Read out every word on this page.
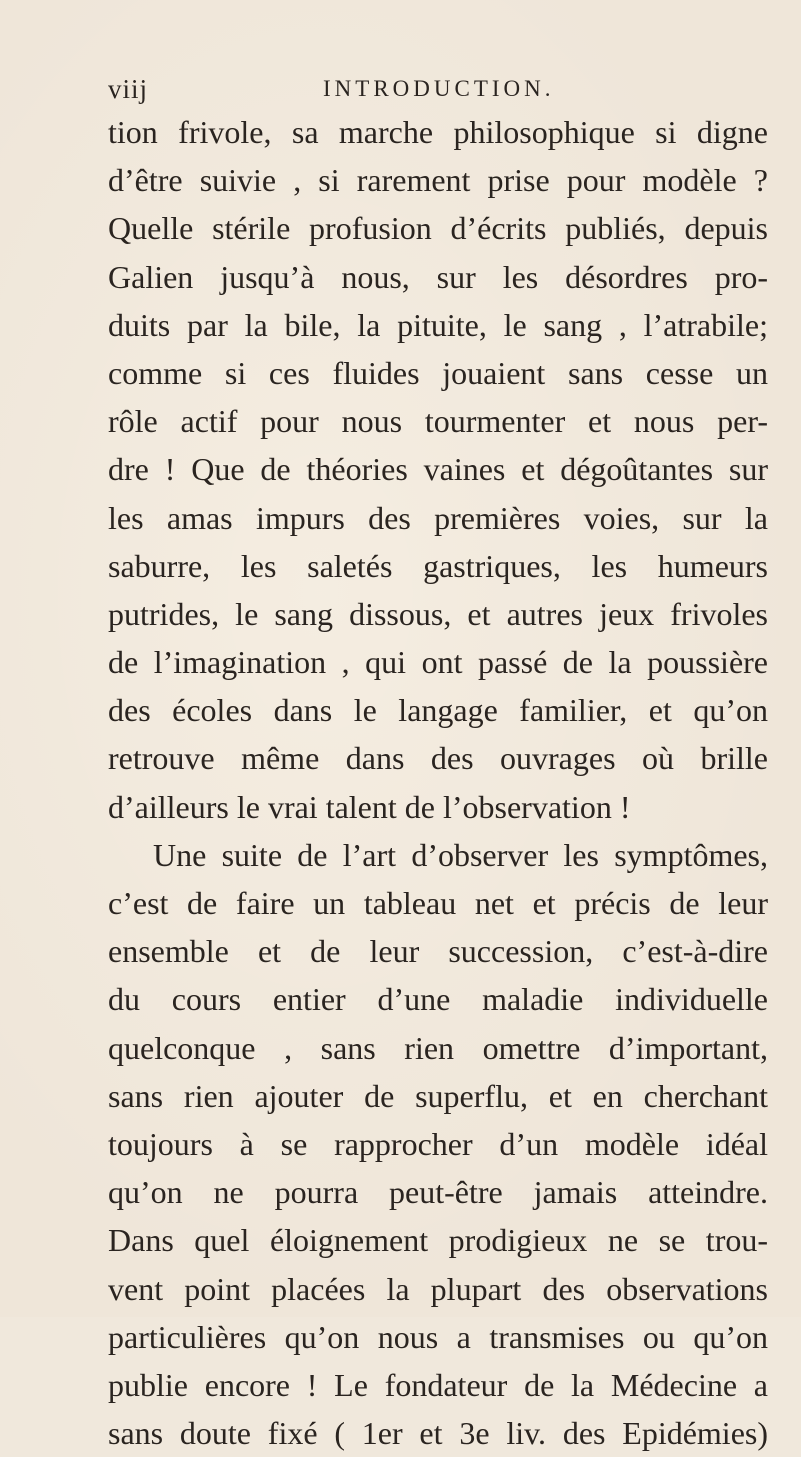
viij	INTRODUCTION.
tion frivole, sa marche philosophique si digne
d’être suivie , si rarement prise pour modèle ?
Quelle stérile profusion d’écrits publiés, depuis
Galien jusqu’à nous, sur les désordres pro-
duits par la bile, la pituite, le sang , l’atrabile;
comme si ces fluides jouaient sans cesse un
rôle actif pour nous tourmenter et nous per-
dre ! Que de théories vaines et dégoûtantes sur
les amas impurs des premières voies, sur la
saburre, les saletés gastriques, les humeurs
putrides, le sang dissous, et autres jeux frivoles
de l’imagination , qui ont passé de la poussière
des écoles dans le langage familier, et qu’on
retrouve même dans des ouvrages où brille
d’ailleurs le vrai talent de l’observation !
Une suite de l’art d’observer les symptômes,
c’est de faire un tableau net et précis de leur
ensemble et de leur succession, c’est-à-dire
du cours entier d’une maladie individuelle
quelconque , sans rien omettre d’important,
sans rien ajouter de superflu, et en cherchant
toujours à se rapprocher d’un modèle idéal
qu’on ne pourra peut-être jamais atteindre.
Dans quel éloignement prodigieux ne se trou-
vent point placées la plupart des observations
particulières qu’on nous a transmises ou qu’on
publie encore ! Le fondateur de la Médecine a
sans doute fixé ( 1er et 3e liv. des Epidémies)
